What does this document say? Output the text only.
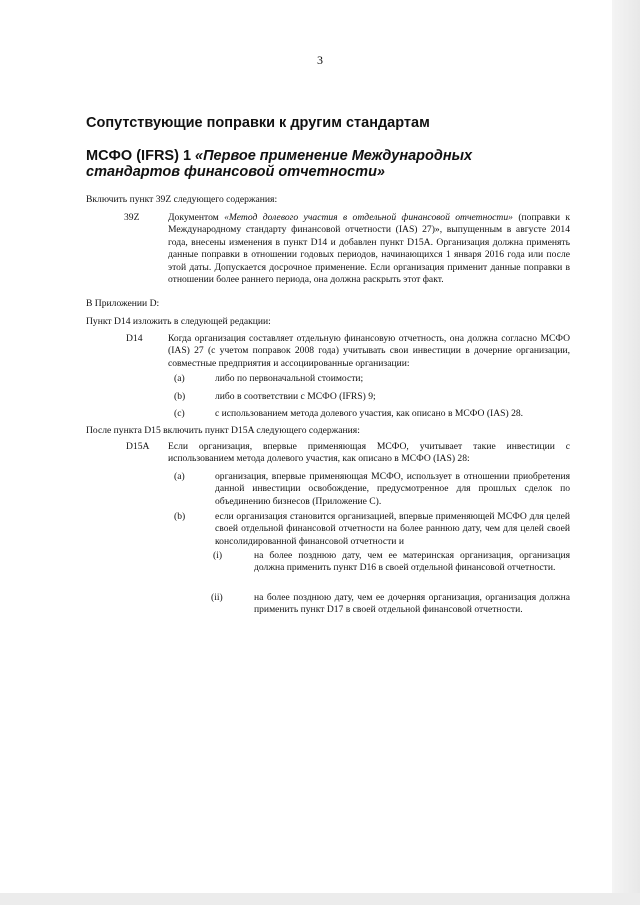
3
Сопутствующие поправки к другим стандартам
МСФО (IFRS) 1 «Первое применение Международных стандартов финансовой отчетности»
Включить пункт 39Z следующего содержания:
39Z	Документом «Метод долевого участия в отдельной финансовой отчетности» (поправки к Международному стандарту финансовой отчетности (IAS) 27)», выпущенным в августе 2014 года, внесены изменения в пункт D14 и добавлен пункт D15A. Организация должна применять данные поправки в отношении годовых периодов, начинающихся 1 января 2016 года или после этой даты. Допускается досрочное применение. Если организация применит данные поправки в отношении более раннего периода, она должна раскрыть этот факт.
В Приложении D:
Пункт D14 изложить в следующей редакции:
D14	Когда организация составляет отдельную финансовую отчетность, она должна согласно МСФО (IAS) 27 (с учетом поправок 2008 года) учитывать свои инвестиции в дочерние организации, совместные предприятия и ассоциированные организации:
(a)	либо по первоначальной стоимости;
(b)	либо в соответствии с МСФО (IFRS) 9;
(c)	с использованием метода долевого участия, как описано в МСФО (IAS) 28.
После пункта D15 включить пункт D15A следующего содержания:
D15A Если организация, впервые применяющая МСФО, учитывает такие инвестиции с использованием метода долевого участия, как описано в МСФО (IAS) 28:
(a)	организация, впервые применяющая МСФО, использует в отношении приобретения данной инвестиции освобождение, предусмотренное для прошлых сделок по объединению бизнесов (Приложение С).
(b)	если организация становится организацией, впервые применяющей МСФО для целей своей отдельной финансовой отчетности на более раннюю дату, чем для целей своей консолидированной финансовой отчетности и
(i)	на более позднюю дату, чем ее материнская организация, организация должна применить пункт D16 в своей отдельной финансовой отчетности.
(ii)	на более позднюю дату, чем ее дочерняя организация, организация должна применить пункт D17 в своей отдельной финансовой отчетности.
